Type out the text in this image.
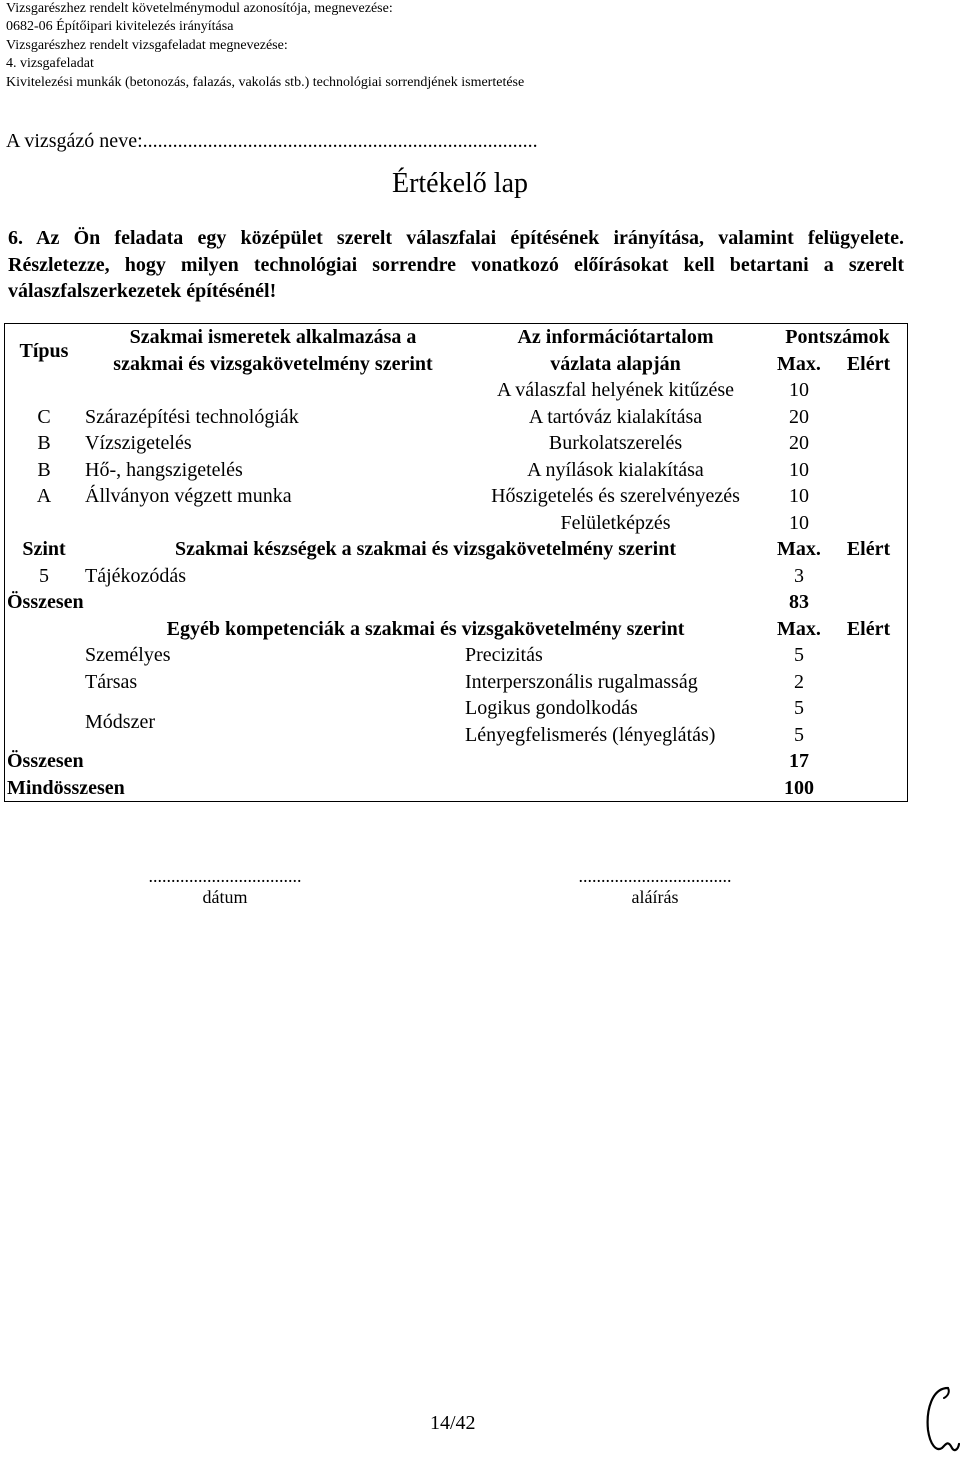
Vizsgarészhez rendelt követelménymodul azonosítója, megnevezése:
0682-06 Építőipari kivitelezés irányítása
Vizsgarészhez rendelt vizsgafeladat megnevezése:
4. vizsgafeladat
Kivitelezési munkák (betonozás, falazás, vakolás stb.) technológiai sorrendjének ismertetése
A vizsgázó neve:...............................................................................
Értékelő lap
6. Az Ön feladata egy középület szerelt válaszfalai építésének irányítása, valamint felügyelete. Részletezze, hogy milyen technológiai sorrendre vonatkozó előírásokat kell betartani a szerelt válaszfalszerkezetek építésénél!
Típus	Szakmai ismeretek alkalmazása a	Az információtartalom	Pontszámok	
	szakmai és vizsgakövetelmény szerint	vázlata alapján	Max.	Elért
		A válaszfal helyének kitűzése	10	
C	Szárazépítési technológiák	A tartóváz kialakítása	20	
B	Vízszigetelés	Burkolatszerelés	20	
B	Hő-, hangszigetelés	A nyílások kialakítása	10	
A	Állványon végzett munka	Hőszigetelés és szerelvényezés	10	
		Felületképzés	10	
Szint	Szakmai készségek a szakmai és vizsgakövetelmény szerint		Max.	Elért
5	Tájékozódás		3	
Összesen			83	
	Egyéb kompetenciák a szakmai és vizsgakövetelmény szerint		Max.	Elért
	Személyes	Precizitás	5	
	Társas	Interperszonális rugalmasság	2	
	Módszer	Logikus gondolkodás	5	
		Lényegfelismerés (lényeglátás)	5	
Összesen			17	
Mindösszesen			100	
..................................
dátum
..................................
aláírás
14/42
